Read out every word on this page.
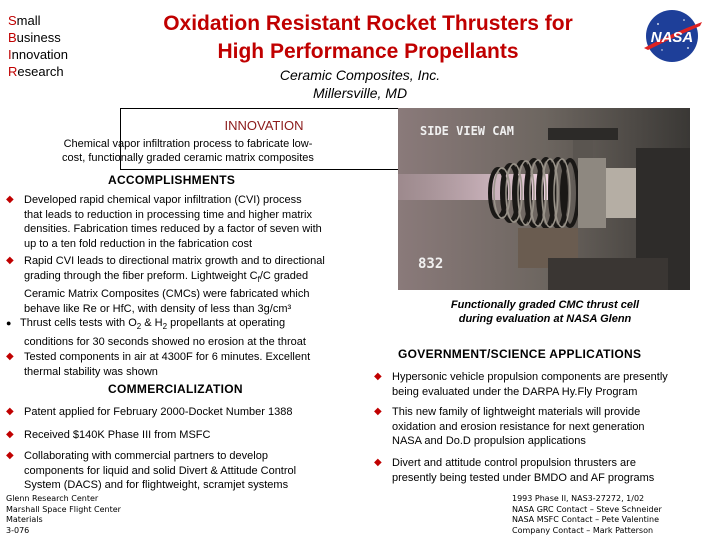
Small
Business
Innovation
Research
Oxidation Resistant Rocket Thrusters for
High Performance Propellants
Ceramic Composites, Inc.
Millersville, MD
NASA
INNOVATION
Chemical vapor infiltration process to fabricate low-
cost, functionally graded ceramic matrix composites
SIDE VIEW CAM
832
Functionally graded CMC thrust cell
during evaluation at NASA Glenn
ACCOMPLISHMENTS
◆ Developed rapid chemical vapor infiltration (CVI) process
that leads to reduction in processing time and higher matrix
densities. Fabrication times reduced by a factor of seven with
up to a ten fold reduction in the fabrication cost
◆ Rapid CVI leads to directional matrix growth and to directional
grading through the fiber preform. Lightweight $C_f/C$ graded
Ceramic Matrix Composites (CMCs) were fabricated which
behave like Re or HfC, with density of less than 3g/cm³
● Thrust cells tests with $O_2$ & $H_2$ propellants at operating
conditions for 30 seconds showed no erosion at the throat
◆ Tested components in air at 4300F for 6 minutes. Excellent
thermal stability was shown
COMMERCIALIZATION
◆ Patent applied for February 2000-Docket Number 1388
◆ Received $140K Phase III from MSFC
◆ Collaborating with commercial partners to develop
components for liquid and solid Divert & Attitude Control
System (DACS) and for flightweight, scramjet systems
GOVERNMENT/SCIENCE APPLICATIONS
◆ Hypersonic vehicle propulsion components are presently
being evaluated under the DARPA Hy.Fly Program
◆ This new family of lightweight materials will provide
oxidation and erosion resistance for next generation
NASA and Do.D propulsion applications
◆ Divert and attitude control propulsion thrusters are
presently being tested under BMDO and AF programs
Glenn Research Center
Marshall Space Flight Center
Materials
3-076
1993 Phase II, NAS3-27272, 1/02
NASA GRC Contact – Steve Schneider
NASA MSFC Contact – Pete Valentine
Company Contact – Mark Patterson
